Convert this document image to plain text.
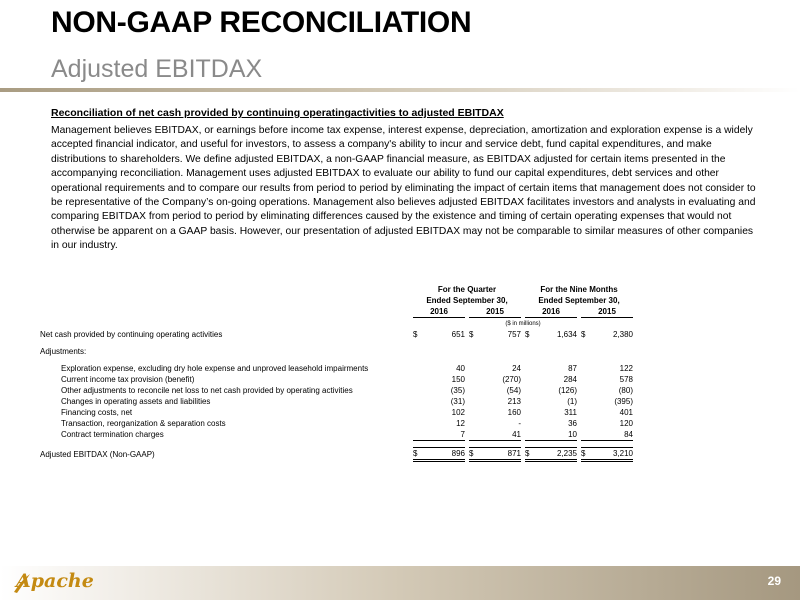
NON-GAAP RECONCILIATION
Adjusted EBITDAX
Reconciliation of net cash provided by continuing operatingactivities to adjusted EBITDAX
Management believes EBITDAX, or earnings before income tax expense, interest expense, depreciation, amortization and exploration expense is a widely accepted financial indicator, and useful for investors, to assess a company's ability to incur and service debt, fund capital expenditures, and make distributions to shareholders. We define adjusted EBITDAX, a non-GAAP financial measure, as EBITDAX adjusted for certain items presented in the accompanying reconciliation. Management uses adjusted EBITDAX to evaluate our ability to fund our capital expenditures, debt services and other operational requirements and to compare our results from period to period by eliminating the impact of certain items that management does not consider to be representative of the Company’s on-going operations. Management also believes adjusted EBITDAX facilitates investors and analysts in evaluating and comparing EBITDAX from period to period by eliminating differences caused by the existence and timing of certain operating expenses that would not otherwise be apparent on a GAAP basis. However, our presentation of adjusted EBITDAX may not be comparable to similar measures of other companies in our industry.
	For the Quarter						For the Nine Months				
	Ended September 30,						Ended September 30,				
	2016			2015			2016			2015	
	($ in millions)										
Net cash provided by continuing operating activities	$	651		$	757		$	1,634		$	2,380

Adjustments:											

Exploration expense, excluding dry hole expense and unproved leasehold impairments		40			24			87			122
Current income tax provision (benefit)		150			(270)			284			578
Other adjustments to reconcile net loss to net cash provided by operating activities		(35)			(54)			(126)			(80)
Changes in operating assets and liabilities		(31)			213			(1)			(395)
Financing costs, net		102			160			311			401
Transaction, reorganization & separation costs		12			-			36			120
Contract termination charges		7			41			10			84

Adjusted EBITDAX (Non-GAAP)	$	896		$	871		$	2,235		$	3,210
Apache	29
